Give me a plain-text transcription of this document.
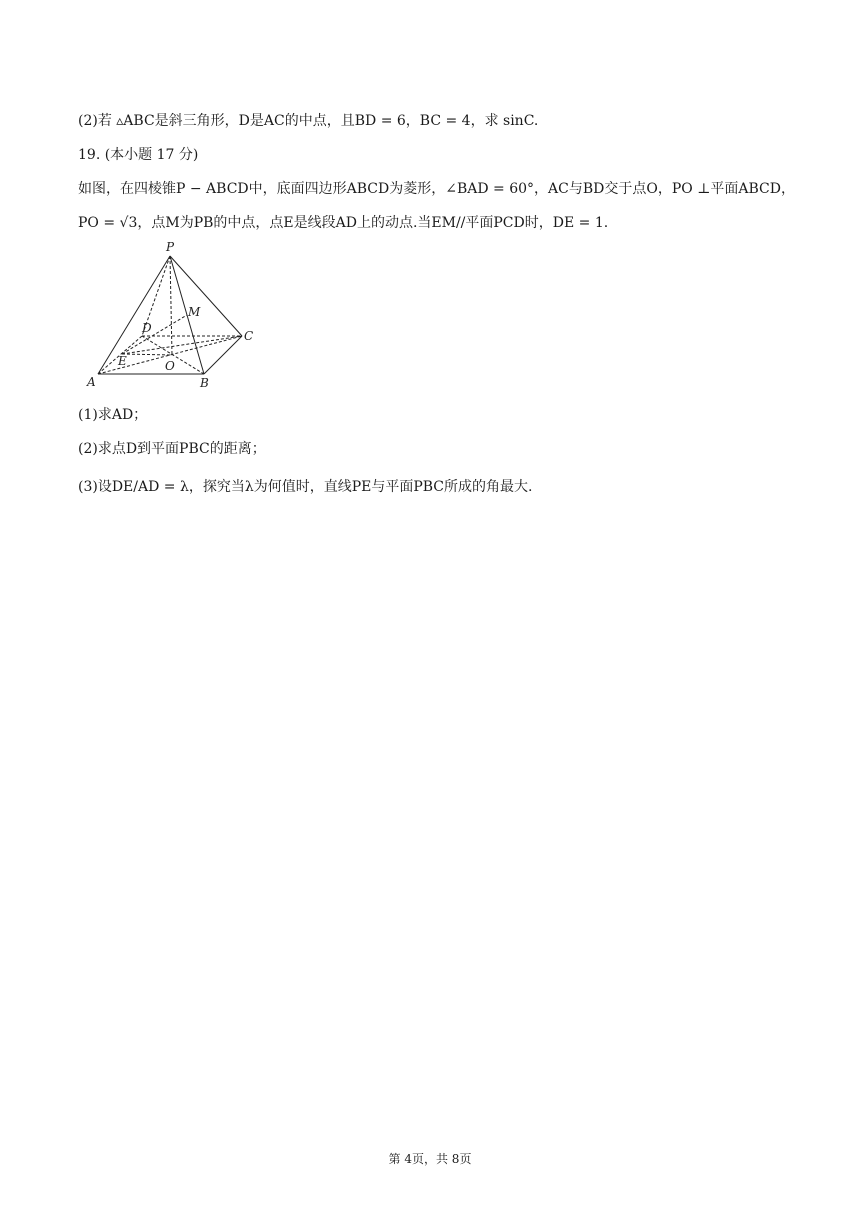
(2)若 ▵ABC是斜三角形，D是AC的中点，且BD = 6，BC = 4，求 sinC.
19. (本小题 17 分)
如图，在四棱锥P − ABCD中，底面四边形ABCD为菱形，∠BAD = 60°，AC与BD交于点O，PO ⊥平面ABCD，
PO = √3，点M为PB的中点，点E是线段AD上的动点.当EM//平面PCD时，DE = 1.
P
A	B
C
D
E	O
M
(1)求AD；
(2)求点D到平面PBC的距离；
(3)设DE/AD = λ，探究当λ为何值时，直线PE与平面PBC所成的角最大.
第 4页，共 8页
